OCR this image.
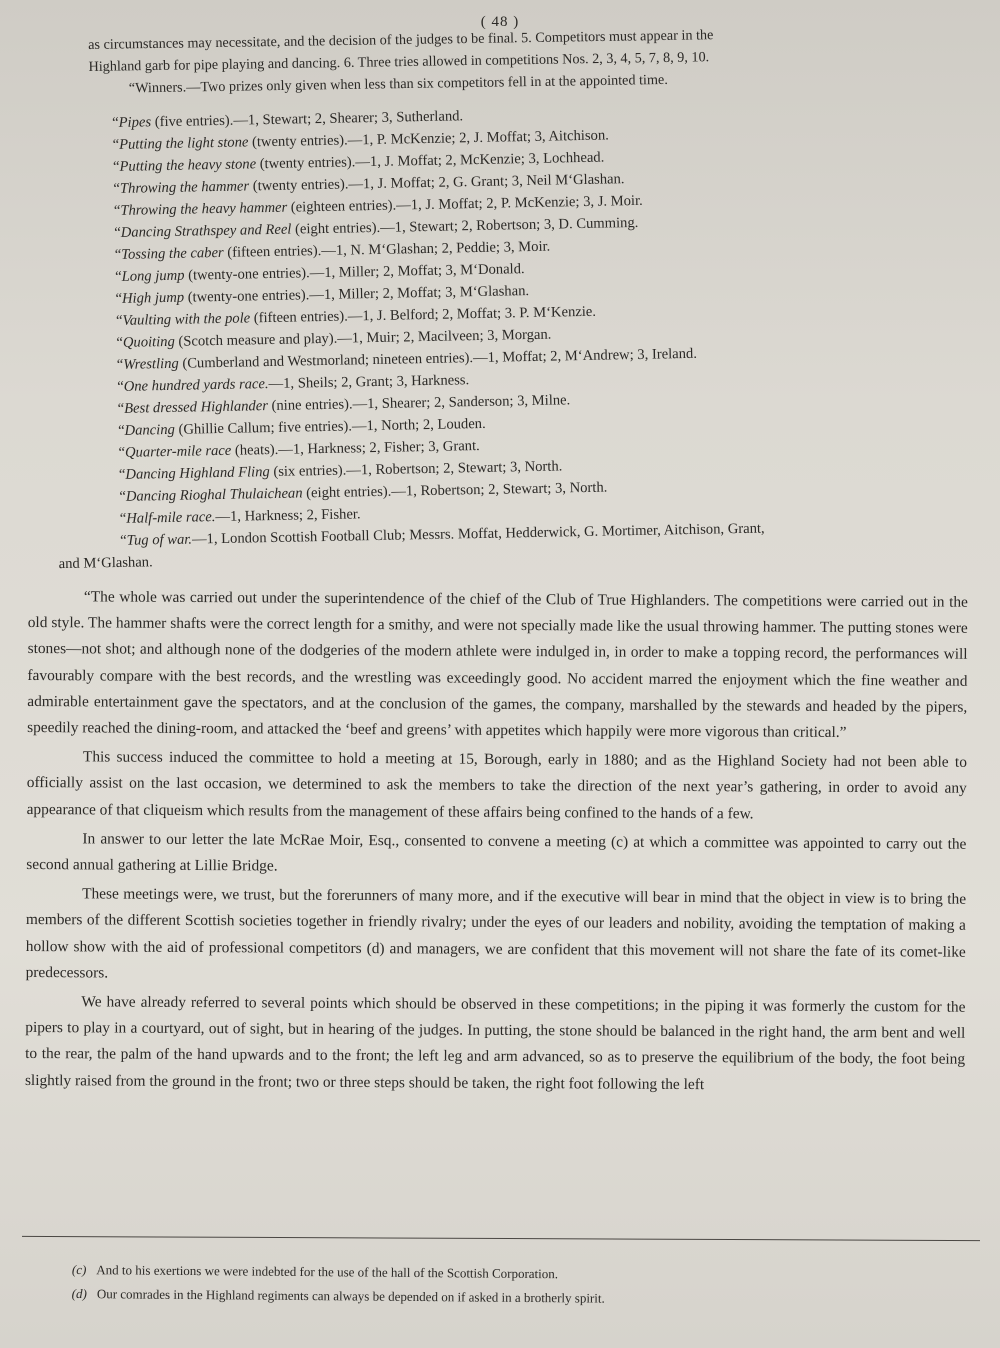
( 48 )
as circumstances may necessitate, and the decision of the judges to be final. 5. Competitors must appear in the
Highland garb for pipe playing and dancing. 6. Three tries allowed in competitions Nos. 2, 3, 4, 5, 7, 8, 9, 10.
“Winners.—Two prizes only given when less than six competitors fell in at the appointed time.
“Pipes (five entries).—1, Stewart; 2, Shearer; 3, Sutherland.
“Putting the light stone (twenty entries).—1, P. McKenzie; 2, J. Moffat; 3, Aitchison.
“Putting the heavy stone (twenty entries).—1, J. Moffat; 2, McKenzie; 3, Lochhead.
“Throwing the hammer (twenty entries).—1, J. Moffat; 2, G. Grant; 3, Neil M‘Glashan.
“Throwing the heavy hammer (eighteen entries).—1, J. Moffat; 2, P. McKenzie; 3, J. Moir.
“Dancing Strathspey and Reel (eight entries).—1, Stewart; 2, Robertson; 3, D. Cumming.
“Tossing the caber (fifteen entries).—1, N. M‘Glashan; 2, Peddie; 3, Moir.
“Long jump (twenty-one entries).—1, Miller; 2, Moffat; 3, M‘Donald.
“High jump (twenty-one entries).—1, Miller; 2, Moffat; 3, M‘Glashan.
“Vaulting with the pole (fifteen entries).—1, J. Belford; 2, Moffat; 3. P. M‘Kenzie.
“Quoiting (Scotch measure and play).—1, Muir; 2, Macilveen; 3, Morgan.
“Wrestling (Cumberland and Westmorland; nineteen entries).—1, Moffat; 2, M‘Andrew; 3, Ireland.
“One hundred yards race.—1, Sheils; 2, Grant; 3, Harkness.
“Best dressed Highlander (nine entries).—1, Shearer; 2, Sanderson; 3, Milne.
“Dancing (Ghillie Callum; five entries).—1, North; 2, Louden.
“Quarter-mile race (heats).—1, Harkness; 2, Fisher; 3, Grant.
“Dancing Highland Fling (six entries).—1, Robertson; 2, Stewart; 3, North.
“Dancing Rioghal Thulaichean (eight entries).—1, Robertson; 2, Stewart; 3, North.
“Half-mile race.—1, Harkness; 2, Fisher.
“Tug of war.—1, London Scottish Football Club; Messrs. Moffat, Hedderwick, G. Mortimer, Aitchison, Grant,
and M‘Glashan.

“The whole was carried out under the superintendence of the chief of the Club of True Highlanders. The competitions were carried out in the old style. The hammer shafts were the correct length for a smithy, and were not specially made like the usual throwing hammer. The putting stones were stones—not shot; and although none of the dodgeries of the modern athlete were indulged in, in order to make a topping record, the performances will favourably compare with the best records, and the wrestling was exceedingly good. No accident marred the enjoyment which the fine weather and admirable entertainment gave the spectators, and at the conclusion of the games, the company, marshalled by the stewards and headed by the pipers, speedily reached the dining-room, and attacked the ‘beef and greens’ with appetites which happily were more vigorous than critical.”

This success induced the committee to hold a meeting at 15, Borough, early in 1880; and as the Highland Society had not been able to officially assist on the last occasion, we determined to ask the members to take the direction of the next year’s gathering, in order to avoid any appearance of that cliqueism which results from the management of these affairs being confined to the hands of a few.

In answer to our letter the late McRae Moir, Esq., consented to convene a meeting (c) at which a committee was appointed to carry out the second annual gathering at Lillie Bridge.

These meetings were, we trust, but the forerunners of many more, and if the executive will bear in mind that the object in view is to bring the members of the different Scottish societies together in friendly rivalry; under the eyes of our leaders and nobility, avoiding the temptation of making a hollow show with the aid of professional competitors (d) and managers, we are confident that this movement will not share the fate of its comet-like predecessors.

We have already referred to several points which should be observed in these competitions; in the piping it was formerly the custom for the pipers to play in a courtyard, out of sight, but in hearing of the judges. In putting, the stone should be balanced in the right hand, the arm bent and well to the rear, the palm of the hand upwards and to the front; the left leg and arm advanced, so as to preserve the equilibrium of the body, the foot being slightly raised from the ground in the front; two or three steps should be taken, the right foot following the left

(c) And to his exertions we were indebted for the use of the hall of the Scottish Corporation.
(d) Our comrades in the Highland regiments can always be depended on if asked in a brotherly spirit.
